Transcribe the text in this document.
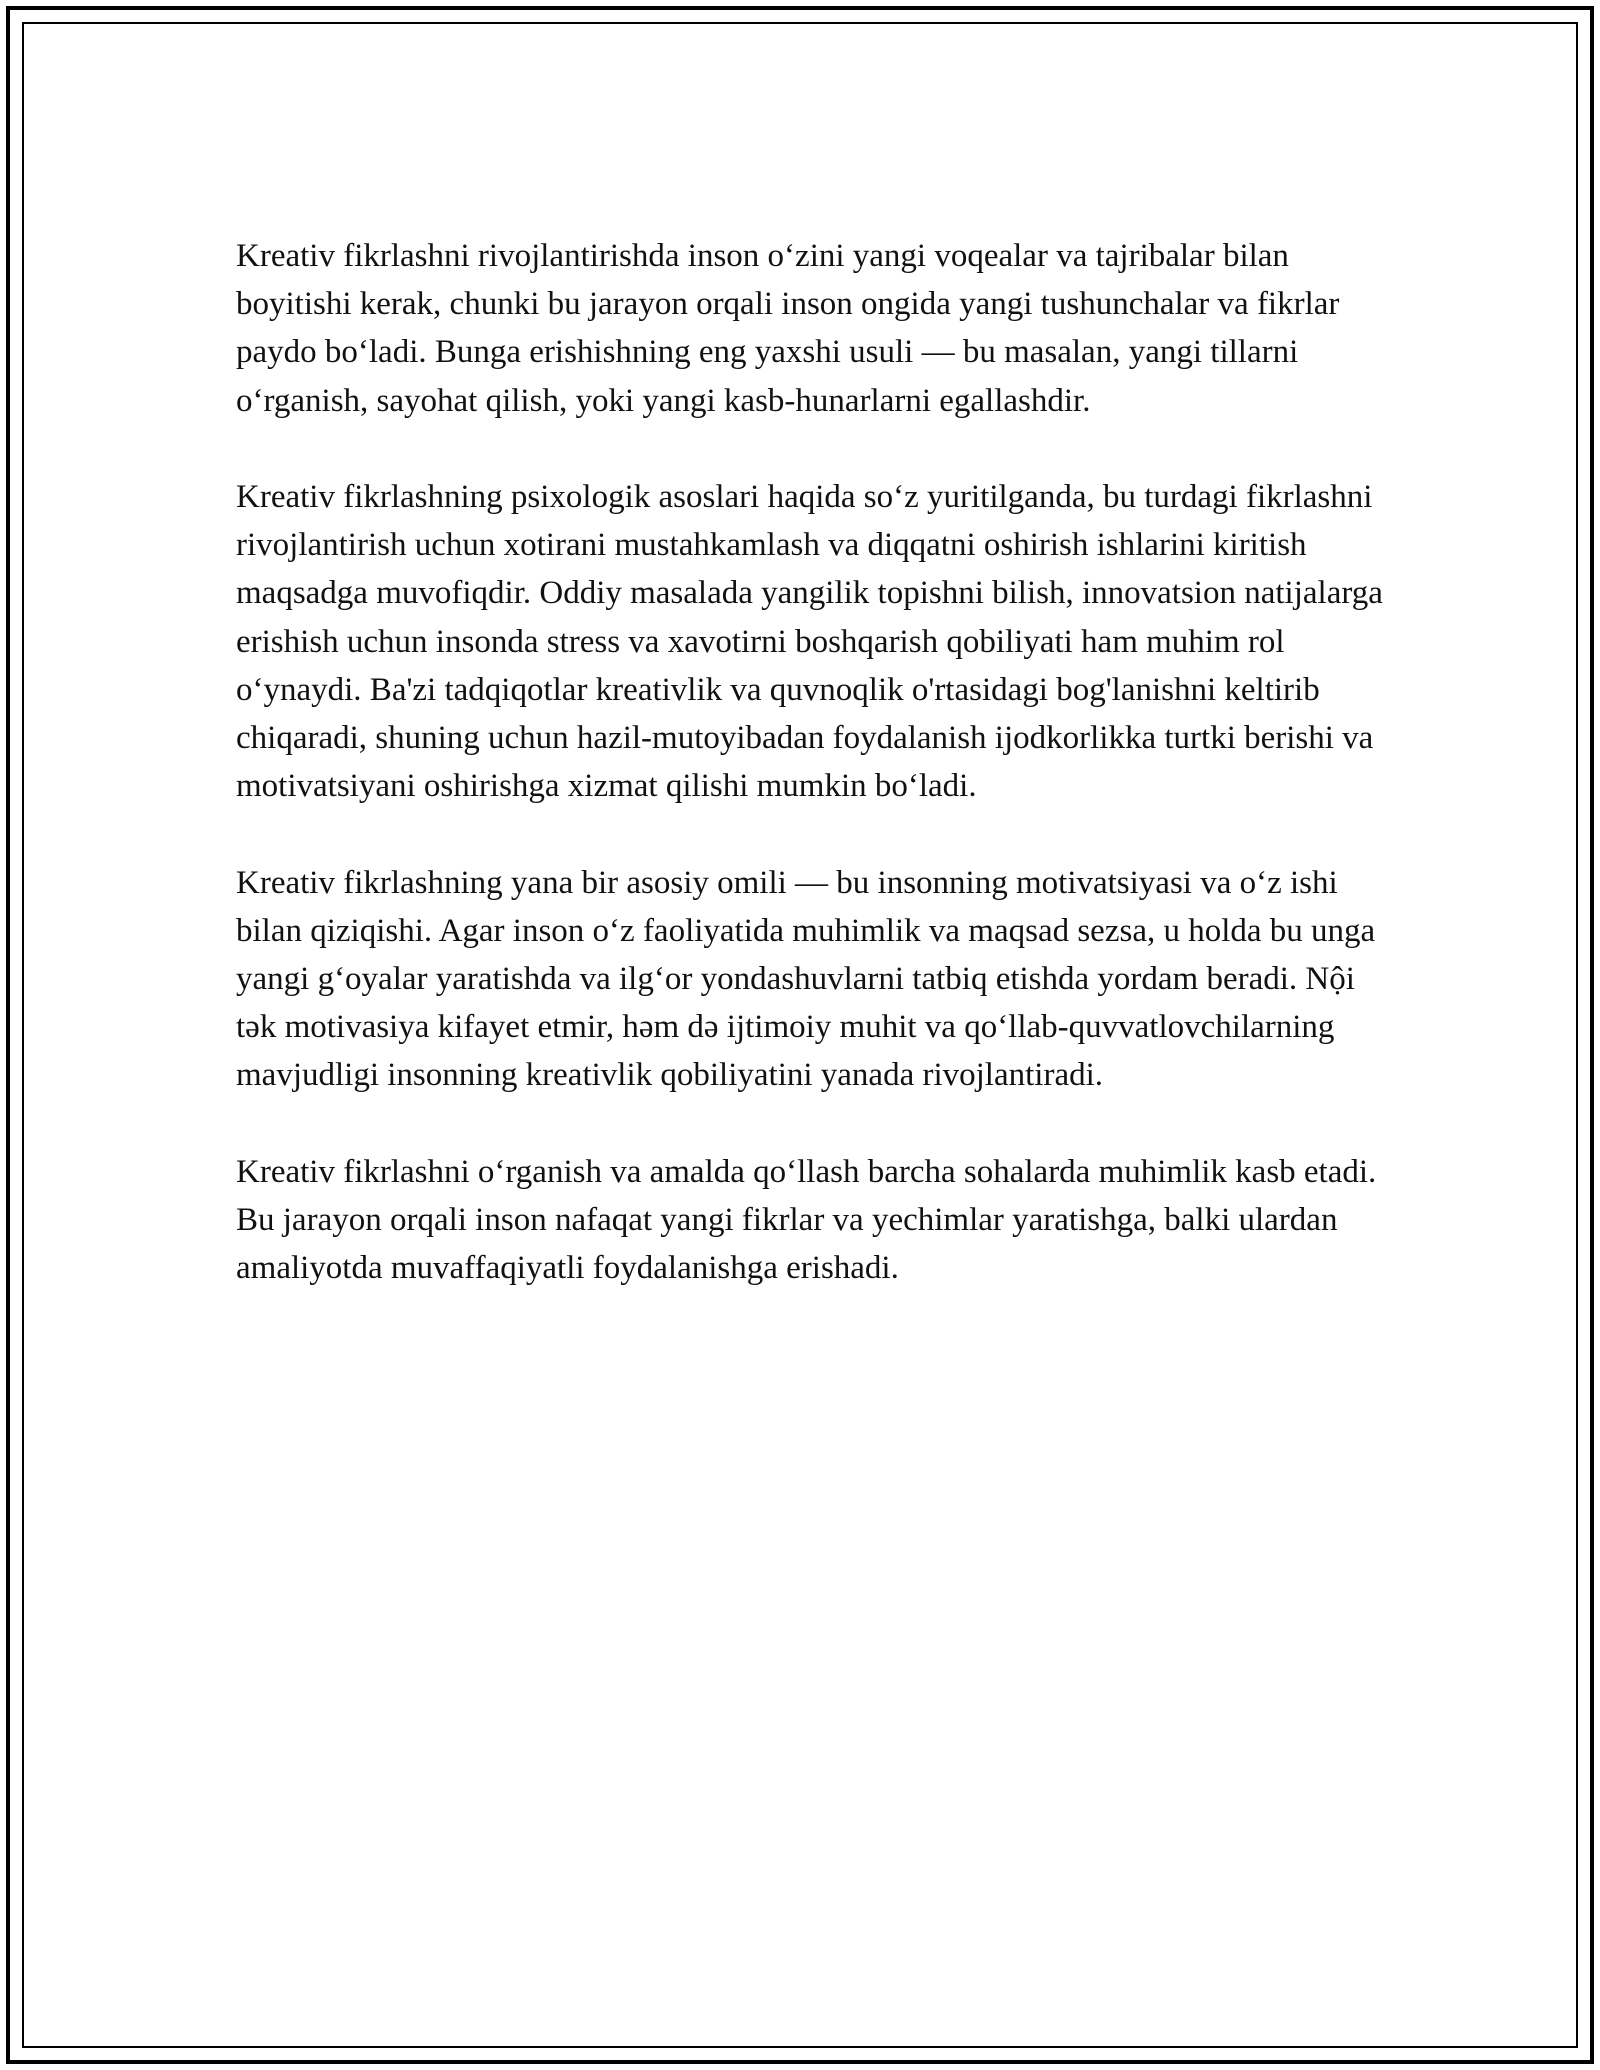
Kreativ fikrlashni rivojlantirishda inson o‘zini yangi voqealar va tajribalar bilan boyitishi kerak, chunki bu jarayon orqali inson ongida yangi tushunchalar va fikrlar paydo bo‘ladi. Bunga erishishning eng yaxshi usuli — bu masalan, yangi tillarni o‘rganish, sayohat qilish, yoki yangi kasb-hunarlarni egallashdir.

Kreativ fikrlashning psixologik asoslari haqida so‘z yuritilganda, bu turdagi fikrlashni rivojlantirish uchun xotirani mustahkamlash va diqqatni oshirish ishlarini kiritish maqsadga muvofiqdir. Oddiy masalada yangilik topishni bilish, innovatsion natijalarga erishish uchun insonda stress va xavotirni boshqarish qobiliyati ham muhim rol o‘ynaydi. Ba'zi tadqiqotlar kreativlik va quvnoqlik o'rtasidagi bog'lanishni keltirib chiqaradi, shuning uchun hazil-mutoyibadan foydalanish ijodkorlikka turtki berishi va motivatsiyani oshirishga xizmat qilishi mumkin bo‘ladi.

Kreativ fikrlashning yana bir asosiy omili — bu insonning motivatsiyasi va o‘z ishi bilan qiziqishi. Agar inson o‘z faoliyatida muhimlik va maqsad sezsa, u holda bu unga yangi g‘oyalar yaratishda va ilg‘or yondashuvlarni tatbiq etishda yordam beradi. Nội tək motivasiya kifayet etmir, həm də ijtimoiy muhit va qo‘llab-quvvatlovchilarning mavjudligi insonning kreativlik qobiliyatini yanada rivojlantiradi.

Kreativ fikrlashni o‘rganish va amalda qo‘llash barcha sohalarda muhimlik kasb etadi. Bu jarayon orqali inson nafaqat yangi fikrlar va yechimlar yaratishga, balki ulardan amaliyotda muvaffaqiyatli foydalanishga erishadi.
